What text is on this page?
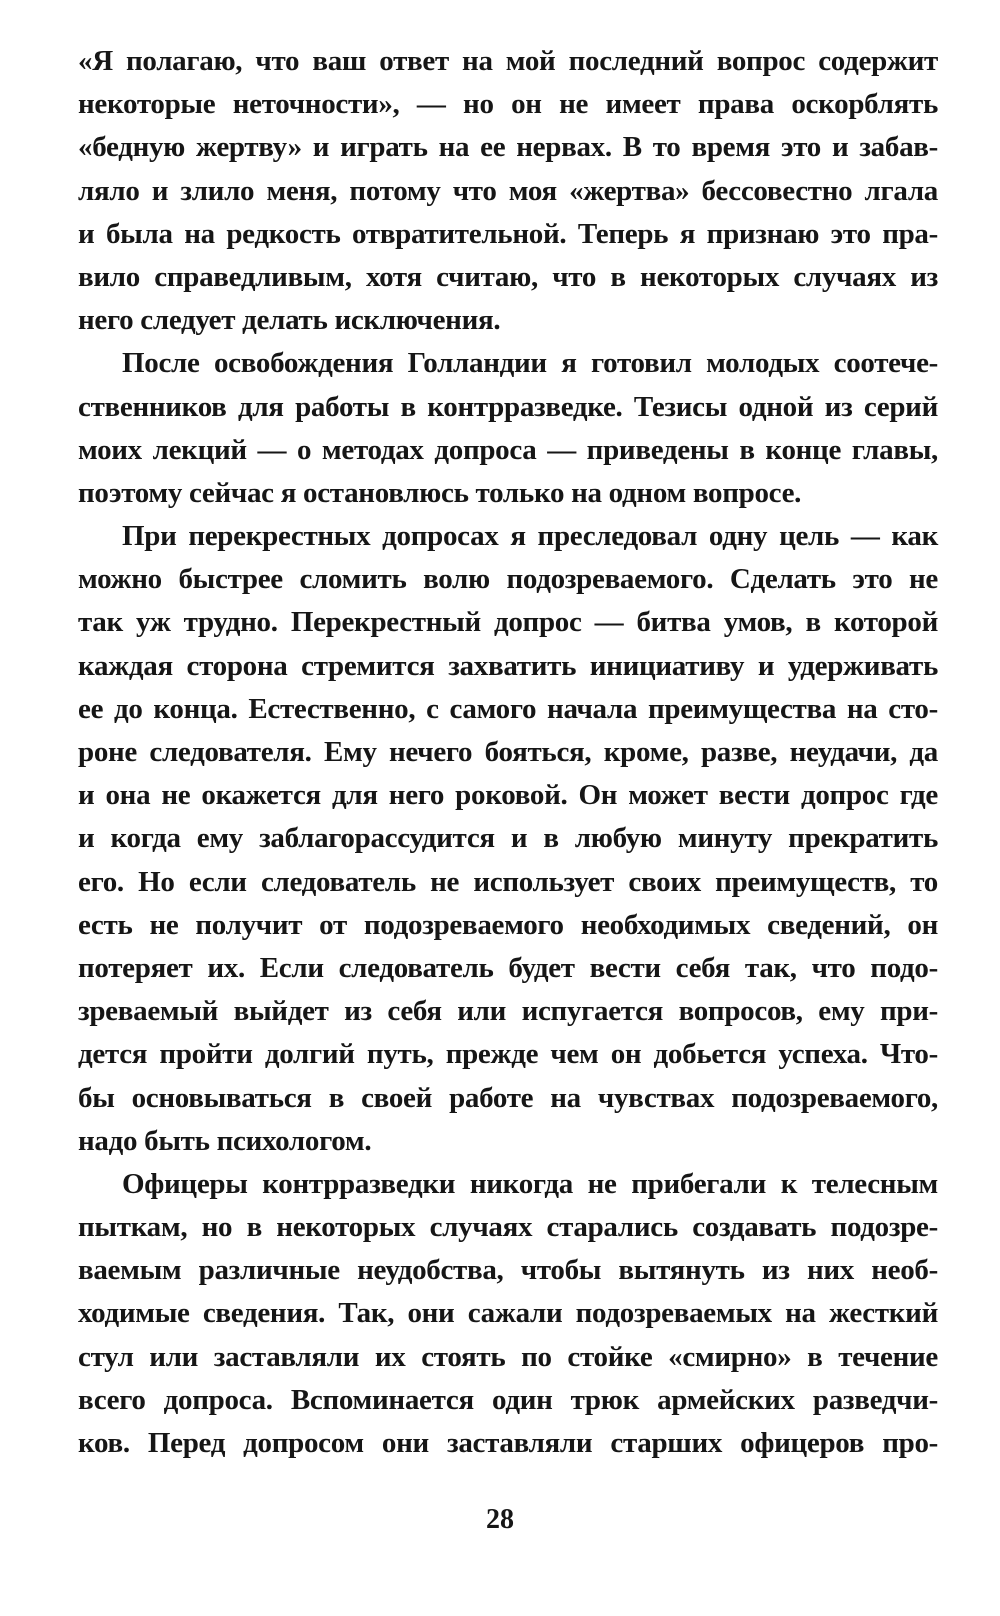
«Я полагаю, что ваш ответ на мой последний вопрос содержит
некоторые неточности», — но он не имеет права оскорблять
«бедную жертву» и играть на ее нервах. В то время это и забав-
ляло и злило меня, потому что моя «жертва» бессовестно лгала
и была на редкость отвратительной. Теперь я признаю это пра-
вило справедливым, хотя считаю, что в некоторых случаях из
него следует делать исключения.
После освобождения Голландии я готовил молодых соотече-
ственников для работы в контрразведке. Тезисы одной из серий
моих лекций — о методах допроса — приведены в конце главы,
поэтому сейчас я остановлюсь только на одном вопросе.
При перекрестных допросах я преследовал одну цель — как
можно быстрее сломить волю подозреваемого. Сделать это не
так уж трудно. Перекрестный допрос — битва умов, в которой
каждая сторона стремится захватить инициативу и удерживать
ее до конца. Естественно, с самого начала преимущества на сто-
роне следователя. Ему нечего бояться, кроме, разве, неудачи, да
и она не окажется для него роковой. Он может вести допрос где
и когда ему заблагорассудится и в любую минуту прекратить
его. Но если следователь не использует своих преимуществ, то
есть не получит от подозреваемого необходимых сведений, он
потеряет их. Если следователь будет вести себя так, что подо-
зреваемый выйдет из себя или испугается вопросов, ему при-
дется пройти долгий путь, прежде чем он добьется успеха. Что-
бы основываться в своей работе на чувствах подозреваемого,
надо быть психологом.
Офицеры контрразведки никогда не прибегали к телесным
пыткам, но в некоторых случаях старались создавать подозре-
ваемым различные неудобства, чтобы вытянуть из них необ-
ходимые сведения. Так, они сажали подозреваемых на жесткий
стул или заставляли их стоять по стойке «смирно» в течение
всего допроса. Вспоминается один трюк армейских разведчи-
ков. Перед допросом они заставляли старших офицеров про-
28
